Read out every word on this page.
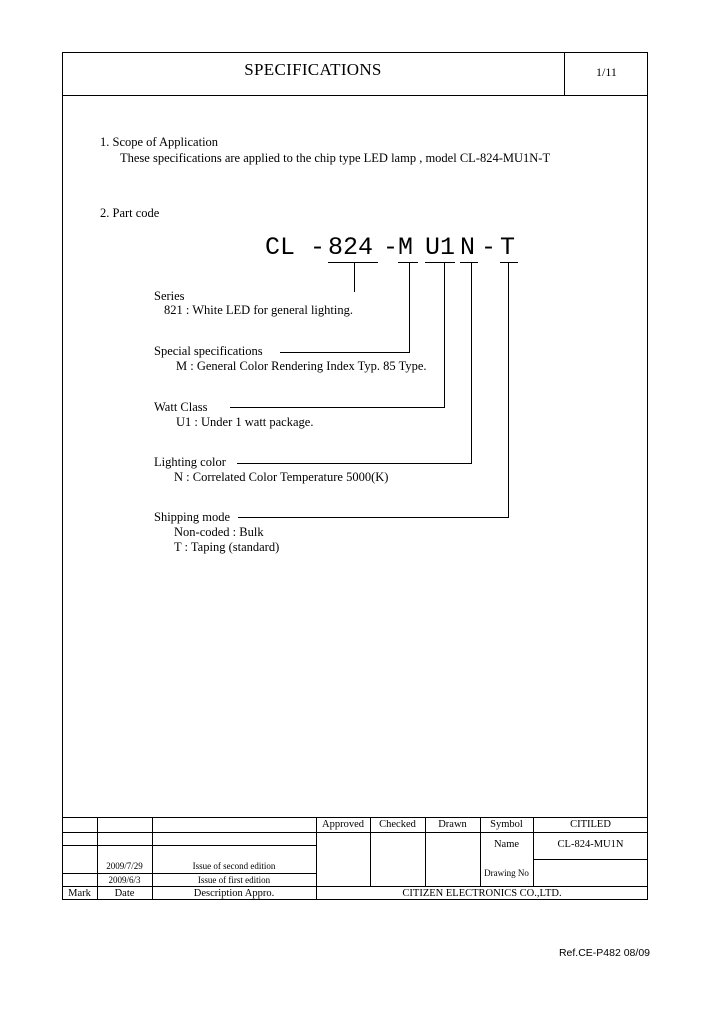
SPECIFICATIONS	1/11
1. Scope of Application
These specifications are applied to the chip type LED lamp , model CL-824-MU1N-T
2. Part code
CL - 824 - M U1 N - T
Series
821 : White LED for general lighting.
Special specifications
M : General Color Rendering Index Typ. 85 Type.
Watt Class
U1 : Under 1 watt package.
Lighting color
N : Correlated Color Temperature 5000(K)
Shipping mode
Non-coded : Bulk
T : Taping (standard)
Approved	Checked	Drawn	Symbol	CITILED
Name	CL-824-MU1N
Drawing No
2009/7/29	Issue of second edition
2009/6/3	Issue of first edition
Mark	Date	Description Appro.	CITIZEN ELECTRONICS CO.,LTD.
Ref.CE-P482 08/09
